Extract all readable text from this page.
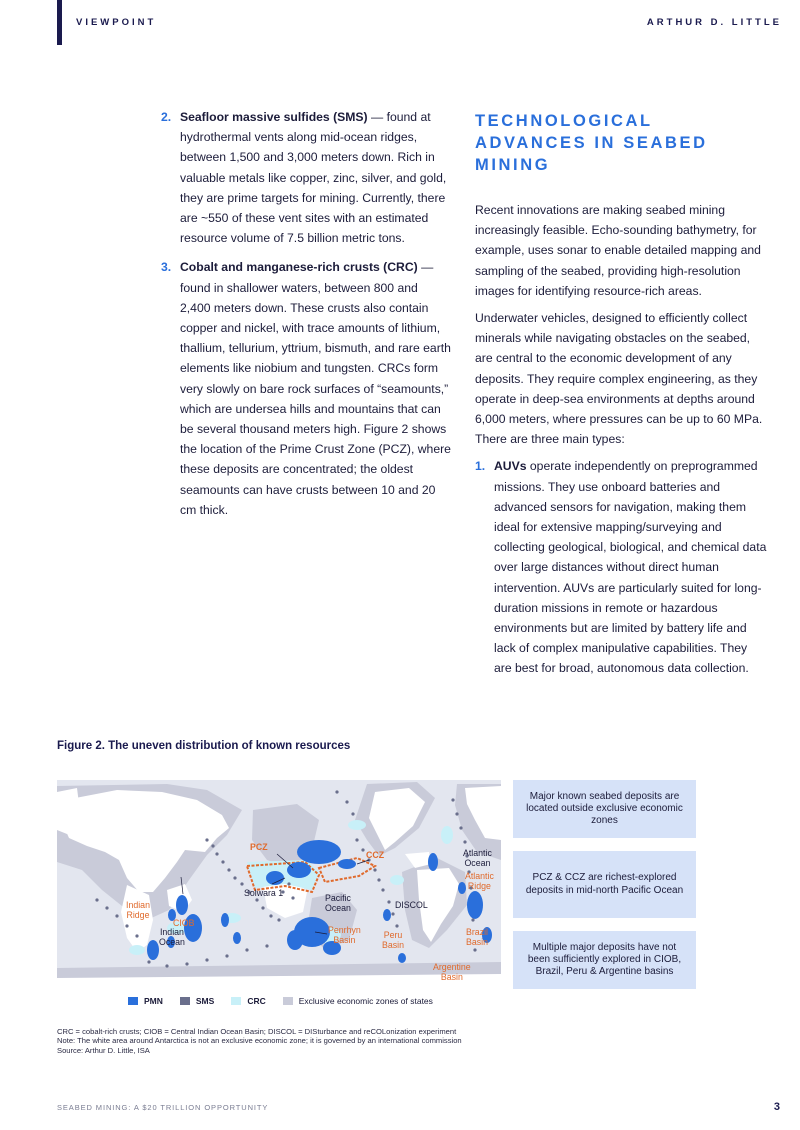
VIEWPOINT	ARTHUR D. LITTLE
2. Seafloor massive sulfides (SMS) — found at hydrothermal vents along mid-ocean ridges, between 1,500 and 3,000 meters down. Rich in valuable metals like copper, zinc, silver, and gold, they are prime targets for mining. Currently, there are ~550 of these vent sites with an estimated resource volume of 7.5 billion metric tons.
3. Cobalt and manganese-rich crusts (CRC) — found in shallower waters, between 800 and 2,400 meters down. These crusts also contain copper and nickel, with trace amounts of lithium, thallium, tellurium, yttrium, bismuth, and rare earth elements like niobium and tungsten. CRCs form very slowly on bare rock surfaces of “seamounts,” which are undersea hills and mountains that can be several thousand meters high. Figure 2 shows the location of the Prime Crust Zone (PCZ), where these deposits are concentrated; the oldest seamounts can have crusts between 10 and 20 cm thick.
TECHNOLOGICAL ADVANCES IN SEABED MINING
Recent innovations are making seabed mining increasingly feasible. Echo-sounding bathymetry, for example, uses sonar to enable detailed mapping and sampling of the seabed, providing high-resolution images for identifying resource-rich areas.
Underwater vehicles, designed to efficiently collect minerals while navigating obstacles on the seabed, are central to the economic development of any deposits. They require complex engineering, as they operate in deep-sea environments at depths around 6,000 meters, where pressures can be up to 60 MPa. There are three main types:
1. AUVs operate independently on preprogrammed missions. They use onboard batteries and advanced sensors for navigation, making them ideal for extensive mapping/surveying and collecting geological, biological, and chemical data over large distances without direct human intervention. AUVs are particularly suited for long-duration missions in remote or hazardous environments but are limited by battery life and lack of complex manipulative capabilities. They are best for broad, autonomous data collection.
Figure 2. The uneven distribution of known resources
PCZ
CCZ	Atlantic
Ocean
Atlantic
Ridge
Indian
Ridge
Solwara 1	Pacific
Ocean	DISCOL
CIOB
Indian
Ocean
Penrhyn
Basin	Peru
Basin
Brazil
Basin
Argentine
Basin
Major known seabed deposits are located outside exclusive economic zones
PCZ & CCZ are richest-explored deposits in mid-north Pacific Ocean
Multiple major deposits have not been sufficiently explored in CIOB, Brazil, Peru & Argentine basins
PMN	SMS	CRC	Exclusive economic zones of states
CRC = cobalt-rich crusts; CIOB = Central Indian Ocean Basin; DISCOL = DISturbance and reCOLonization experiment
Note: The white area around Antarctica is not an exclusive economic zone; it is governed by an international commission
Source: Arthur D. Little, ISA
SEABED MINING: A $20 TRILLION OPPORTUNITY	3
